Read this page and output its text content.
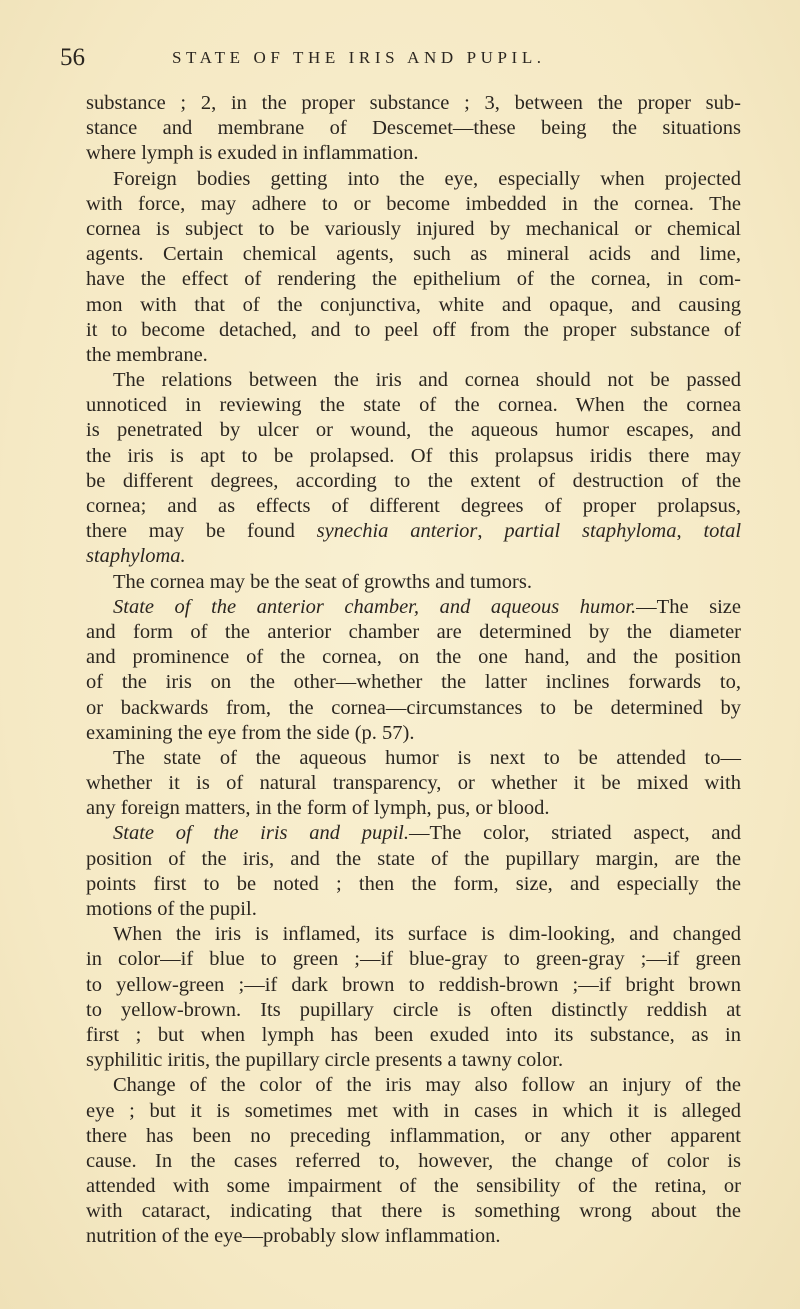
56	STATE OF THE IRIS AND PUPIL.
substance ; 2, in the proper substance ; 3, between the proper sub-
stance and membrane of Descemet—these being the situations
where lymph is exuded in inflammation.
Foreign bodies getting into the eye, especially when projected
with force, may adhere to or become imbedded in the cornea. The
cornea is subject to be variously injured by mechanical or chemical
agents. Certain chemical agents, such as mineral acids and lime,
have the effect of rendering the epithelium of the cornea, in com-
mon with that of the conjunctiva, white and opaque, and causing
it to become detached, and to peel off from the proper substance of
the membrane.
The relations between the iris and cornea should not be passed
unnoticed in reviewing the state of the cornea. When the cornea
is penetrated by ulcer or wound, the aqueous humor escapes, and
the iris is apt to be prolapsed. Of this prolapsus iridis there may
be different degrees, according to the extent of destruction of the
cornea; and as effects of different degrees of proper prolapsus,
there may be found synechia anterior, partial staphyloma, total
staphyloma.
The cornea may be the seat of growths and tumors.
State of the anterior chamber, and aqueous humor.—The size
and form of the anterior chamber are determined by the diameter
and prominence of the cornea, on the one hand, and the position
of the iris on the other—whether the latter inclines forwards to,
or backwards from, the cornea—circumstances to be determined by
examining the eye from the side (p. 57).
The state of the aqueous humor is next to be attended to—
whether it is of natural transparency, or whether it be mixed with
any foreign matters, in the form of lymph, pus, or blood.
State of the iris and pupil.—The color, striated aspect, and
position of the iris, and the state of the pupillary margin, are the
points first to be noted ; then the form, size, and especially the
motions of the pupil.
When the iris is inflamed, its surface is dim-looking, and changed
in color—if blue to green ;—if blue-gray to green-gray ;—if green
to yellow-green ;—if dark brown to reddish-brown ;—if bright brown
to yellow-brown. Its pupillary circle is often distinctly reddish at
first ; but when lymph has been exuded into its substance, as in
syphilitic iritis, the pupillary circle presents a tawny color.
Change of the color of the iris may also follow an injury of the
eye ; but it is sometimes met with in cases in which it is alleged
there has been no preceding inflammation, or any other apparent
cause. In the cases referred to, however, the change of color is
attended with some impairment of the sensibility of the retina, or
with cataract, indicating that there is something wrong about the
nutrition of the eye—probably slow inflammation.
